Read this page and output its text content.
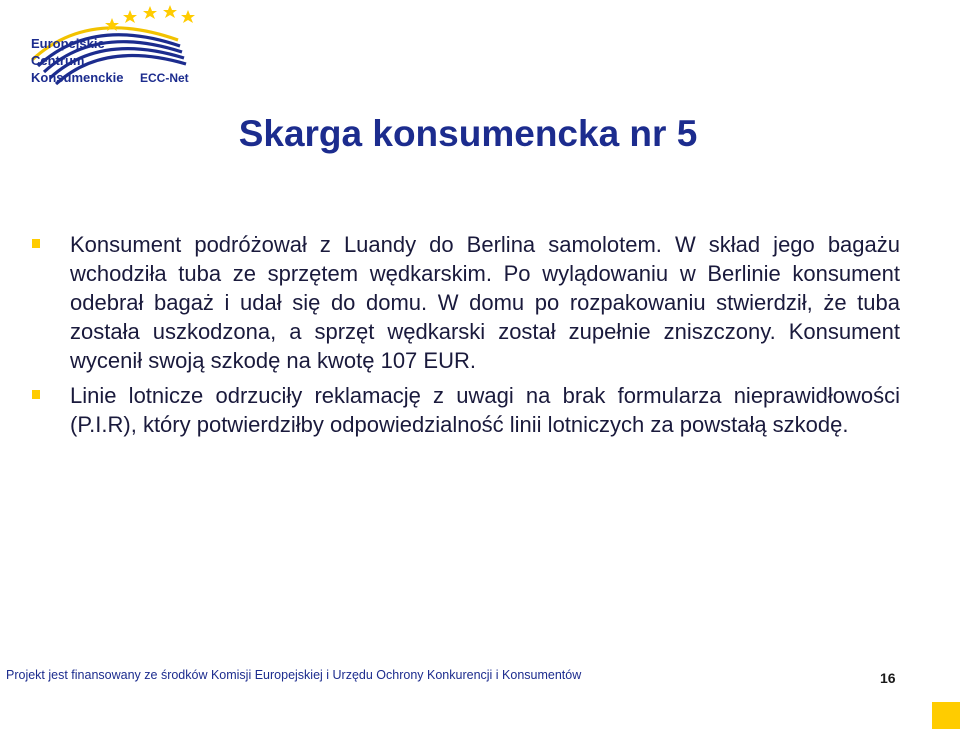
Europejskie
Centrum
Konsumenckie ECC-Net
Skarga konsumencka nr 5
Konsument podróżował z Luandy do Berlina samolotem. W skład jego bagażu wchodziła tuba ze sprzętem wędkarskim. Po wylądowaniu w Berlinie konsument odebrał bagaż i udał się do domu. W domu po rozpakowaniu stwierdził, że tuba została uszkodzona, a sprzęt wędkarski został zupełnie zniszczony. Konsument wycenił swoją szkodę na kwotę 107 EUR.
Linie lotnicze odrzuciły reklamację z uwagi na brak formularza nieprawidłowości (P.I.R), który potwierdziłby odpowiedzialność linii lotniczych za powstałą szkodę.
Projekt jest finansowany ze środków Komisji Europejskiej i Urzędu Ochrony Konkurencji i Konsumentów	16
